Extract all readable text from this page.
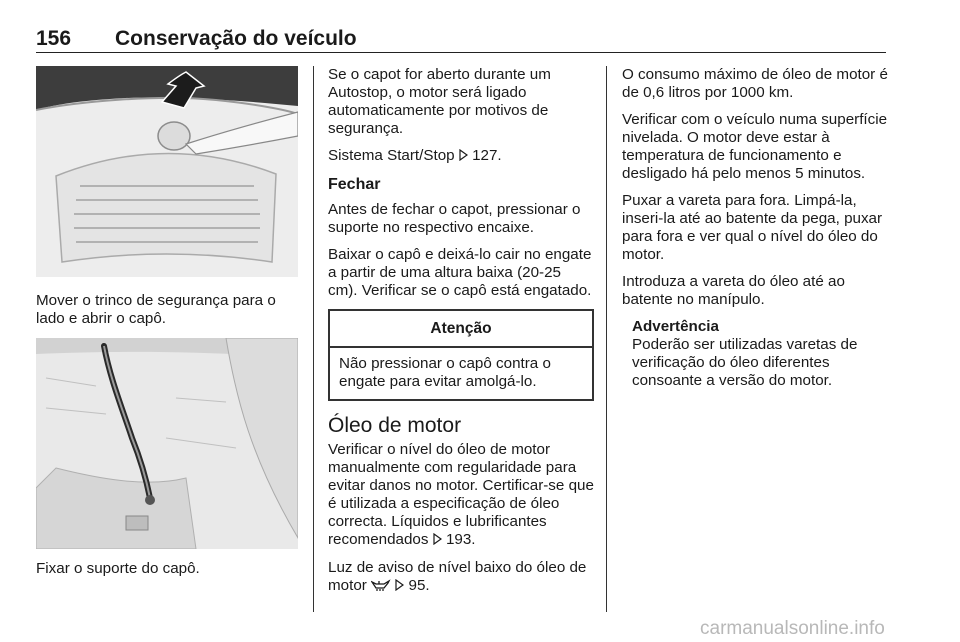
156 Conservação do veículo

Mover o trinco de segurança para o lado e abrir o capô.

Fixar o suporte do capô.

Se o capot for aberto durante um Autostop, o motor será ligado automaticamente por motivos de segurança.

Sistema Start/Stop 127.

Fechar

Antes de fechar o capot, pressionar o suporte no respectivo encaixe.

Baixar o capô e deixá-lo cair no engate a partir de uma altura baixa (20-25 cm). Verificar se o capô está engatado.

Atenção
Não pressionar o capô contra o engate para evitar amolgá-lo.
Óleo de motor

Verificar o nível do óleo de motor manualmente com regularidade para evitar danos no motor. Certificar-se que é utilizada a especificação de óleo correcta. Líquidos e lubrificantes recomendados 193.

Luz de aviso de nível baixo do óleo de motor	95.

O consumo máximo de óleo de motor é de 0,6 litros por 1000 km.

Verificar com o veículo numa superfície nivelada. O motor deve estar à temperatura de funcionamento e desligado há pelo menos 5 minutos.

Puxar a vareta para fora. Limpá-la, inseri-la até ao batente da pega, puxar para fora e ver qual o nível do óleo do motor.

Introduza a vareta do óleo até ao batente no manípulo.

Advertência
Poderão ser utilizadas varetas de verificação do óleo diferentes consoante a versão do motor.
carmanualsonline.info
